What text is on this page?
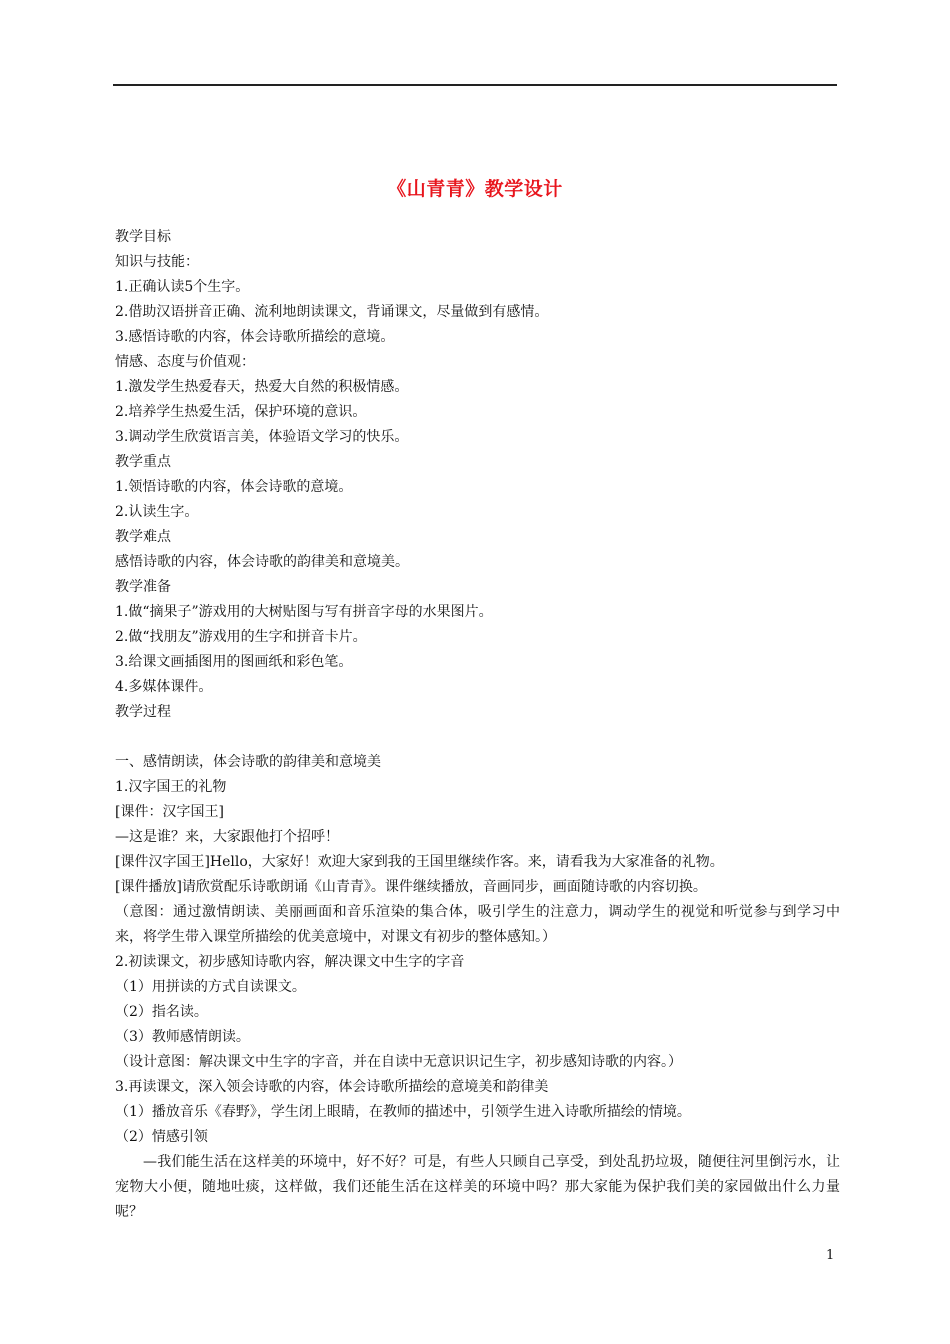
《山青青》教学设计
教学目标
知识与技能：
1.正确认读5个生字。
2.借助汉语拼音正确、流利地朗读课文，背诵课文，尽量做到有感情。
3.感悟诗歌的内容，体会诗歌所描绘的意境。
情感、态度与价值观：
1.激发学生热爱春天，热爱大自然的积极情感。
2.培养学生热爱生活，保护环境的意识。
3.调动学生欣赏语言美，体验语文学习的快乐。
教学重点
1.领悟诗歌的内容，体会诗歌的意境。
2.认读生字。
教学难点
感悟诗歌的内容，体会诗歌的韵律美和意境美。
教学准备
1.做“摘果子”游戏用的大树贴图与写有拼音字母的水果图片。
2.做“找朋友”游戏用的生字和拼音卡片。
3.给课文画插图用的图画纸和彩色笔。
4.多媒体课件。
教学过程
一、感情朗读，体会诗歌的韵律美和意境美
1.汉字国王的礼物
[课件：汉字国王]
—这是谁？来，大家跟他打个招呼！
[课件汉字国王]Hello，大家好！欢迎大家到我的王国里继续作客。来，请看我为大家准备的礼物。
[课件播放]请欣赏配乐诗歌朗诵《山青青》。课件继续播放，音画同步，画面随诗歌的内容切换。
（意图：通过激情朗读、美丽画面和音乐渲染的集合体，吸引学生的注意力，调动学生的视觉和听觉参与到学习中来，将学生带入课堂所描绘的优美意境中，对课文有初步的整体感知。）
2.初读课文，初步感知诗歌内容，解决课文中生字的字音
（1）用拼读的方式自读课文。
（2）指名读。
（3）教师感情朗读。
（设计意图：解决课文中生字的字音，并在自读中无意识识记生字，初步感知诗歌的内容。）
3.再读课文，深入领会诗歌的内容，体会诗歌所描绘的意境美和韵律美
（1）播放音乐《春野》，学生闭上眼睛，在教师的描述中，引领学生进入诗歌所描绘的情境。
（2）情感引领
—我们能生活在这样美的环境中，好不好？可是，有些人只顾自己享受，到处乱扔垃圾，随便往河里倒污水，让宠物大小便，随地吐痰，这样做，我们还能生活在这样美的环境中吗？那大家能为保护我们美的家园做出什么力量呢？
1
